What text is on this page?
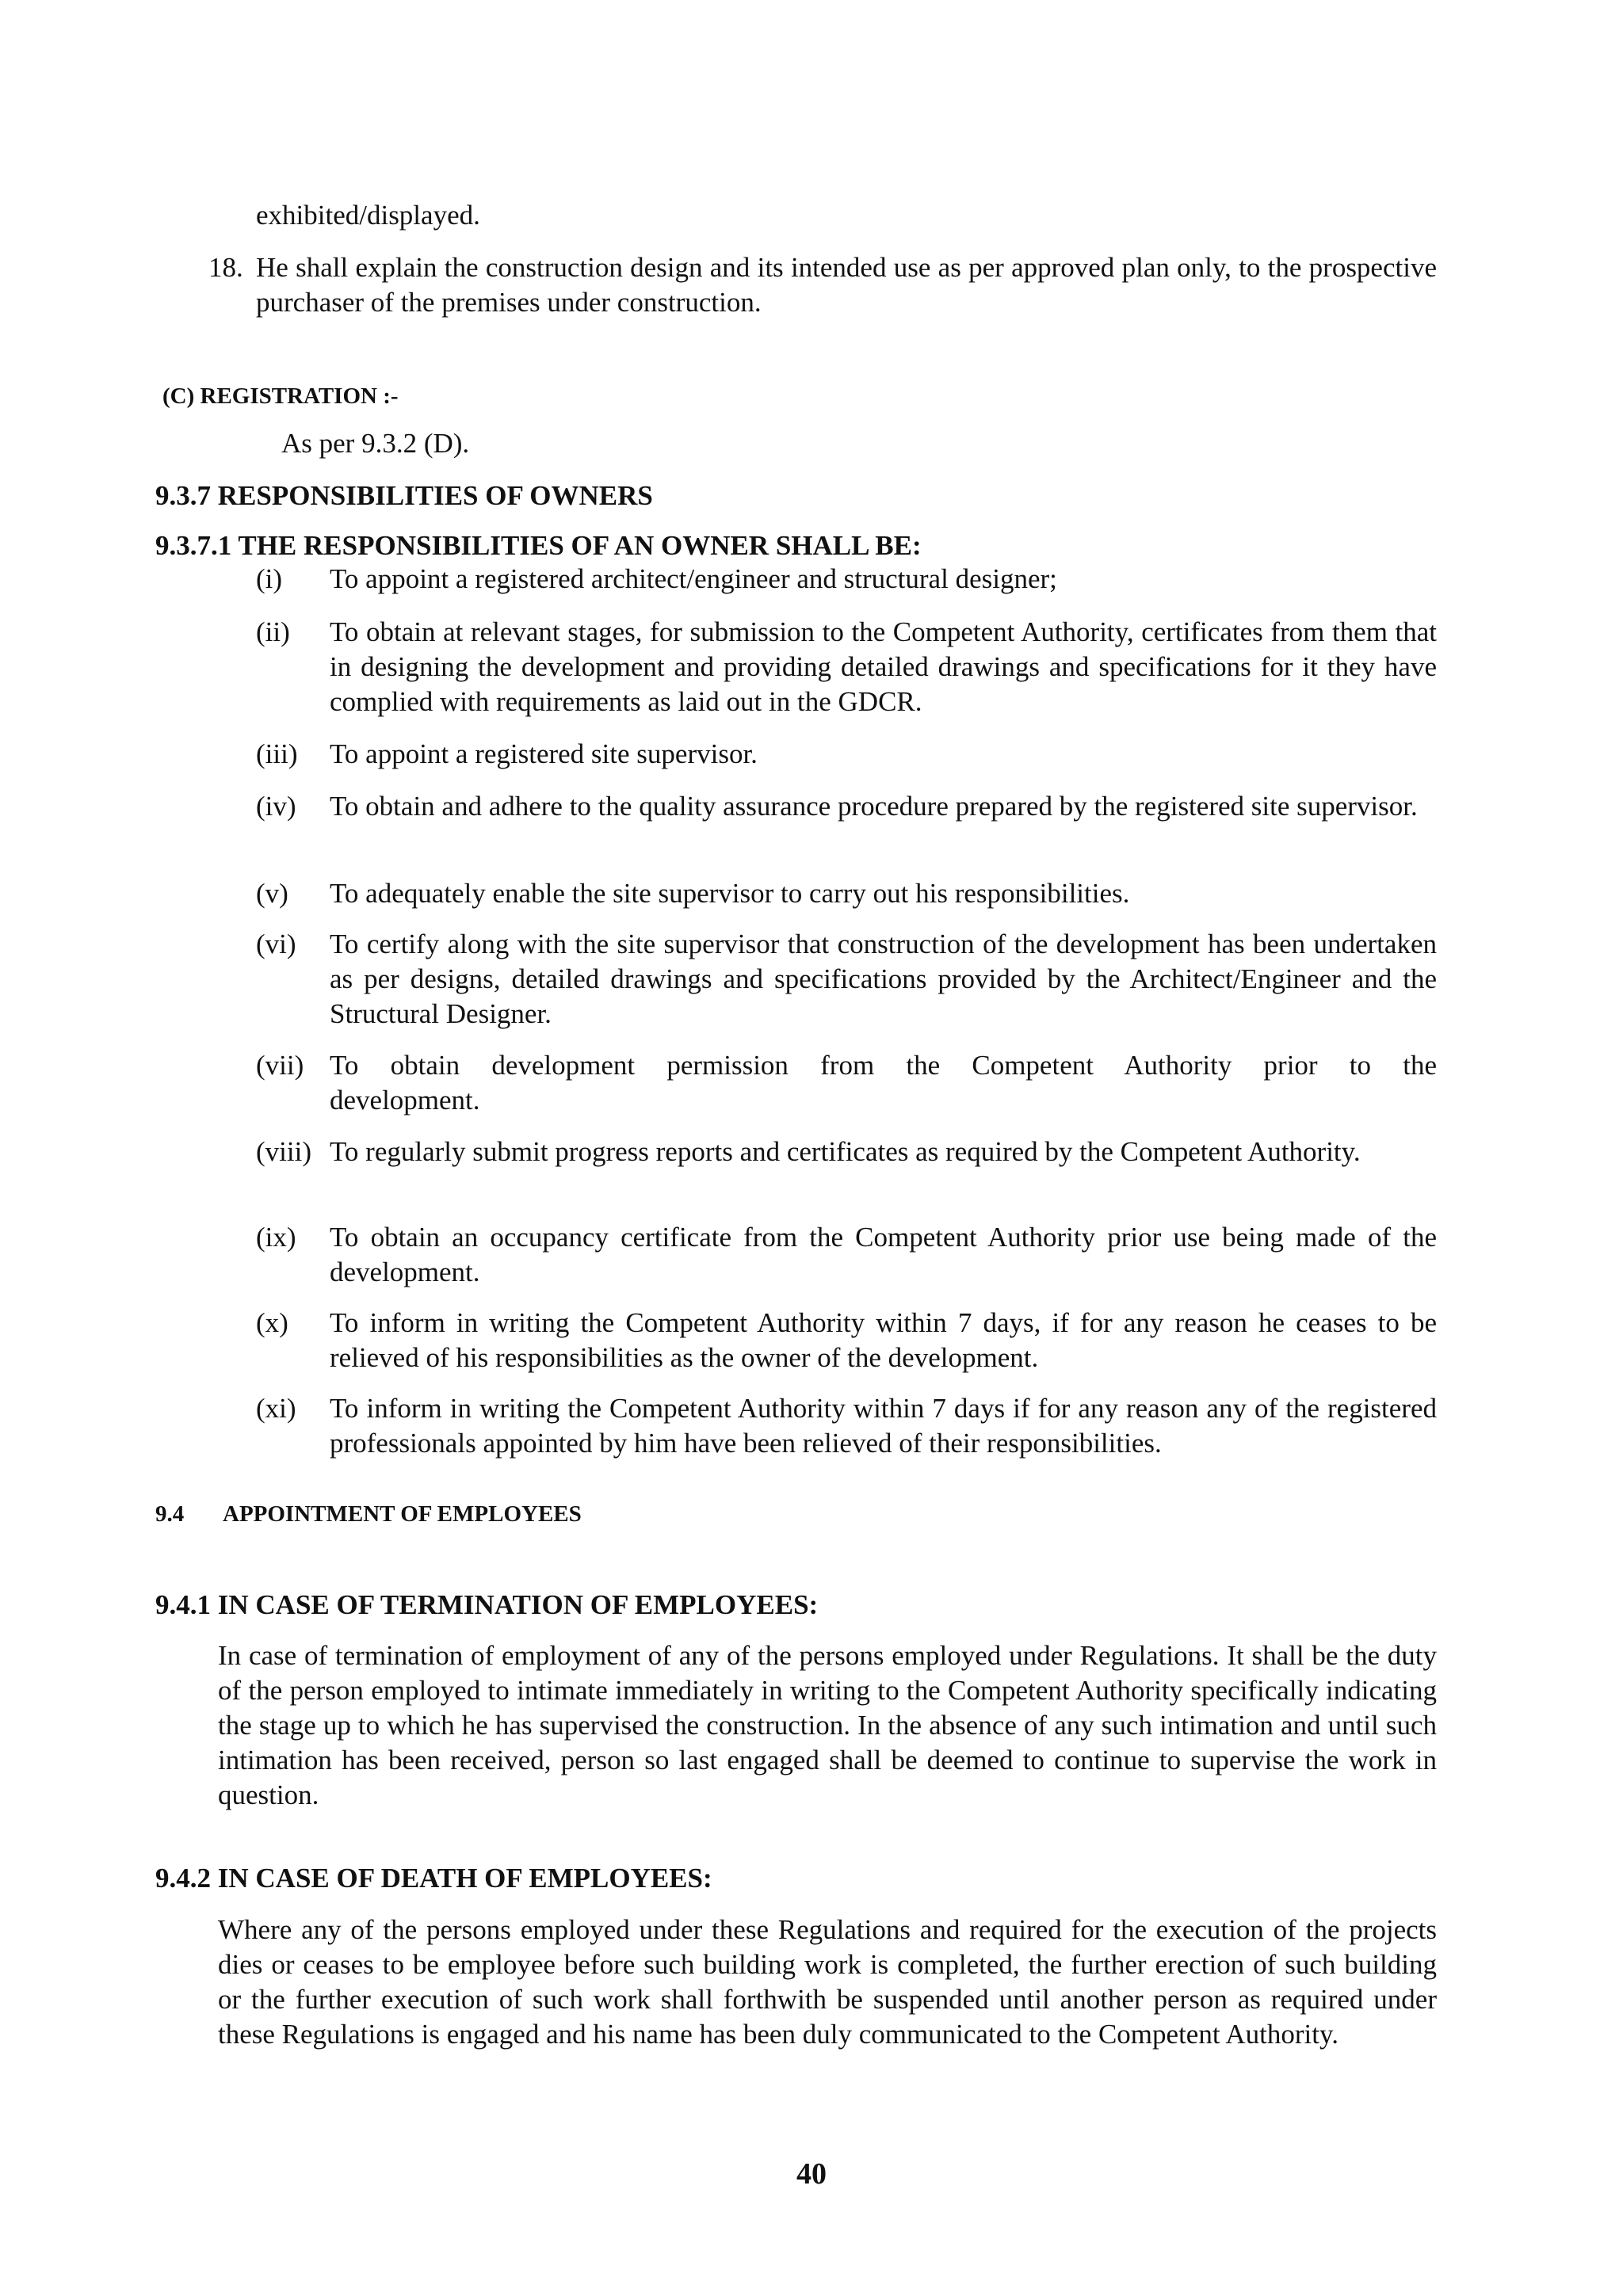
exhibited/displayed.

18. He shall explain the construction design and its intended use as per approved plan only, to the prospective purchaser of the premises under construction.

(C) REGISTRATION :-

As per 9.3.2 (D).

9.3.7 RESPONSIBILITIES OF OWNERS

9.3.7.1 THE RESPONSIBILITIES OF AN OWNER SHALL BE:

(i) To appoint a registered architect/engineer and structural designer;

(ii) To obtain at relevant stages, for submission to the Competent Authority, certificates from them that in designing the development and providing detailed drawings and specifications for it they have complied with requirements as laid out in the GDCR.

(iii) To appoint a registered site supervisor.

(iv) To obtain and adhere to the quality assurance procedure prepared by the registered site supervisor.

(v) To adequately enable the site supervisor to carry out his responsibilities.

(vi) To certify along with the site supervisor that construction of the development has been undertaken as per designs, detailed drawings and specifications provided by the Architect/Engineer and the Structural Designer.

(vii) To obtain development permission from the Competent Authority prior to the development.

(viii) To regularly submit progress reports and certificates as required by the Competent Authority.

(ix) To obtain an occupancy certificate from the Competent Authority prior use being made of the development.

(x) To inform in writing the Competent Authority within 7 days, if for any reason he ceases to be relieved of his responsibilities as the owner of the development.

(xi) To inform in writing the Competent Authority within 7 days if for any reason any of the registered professionals appointed by him have been relieved of their responsibilities.

9.4 APPOINTMENT OF EMPLOYEES

9.4.1 IN CASE OF TERMINATION OF EMPLOYEES:

In case of termination of employment of any of the persons employed under Regulations. It shall be the duty of the person employed to intimate immediately in writing to the Competent Authority specifically indicating the stage up to which he has supervised the construction. In the absence of any such intimation and until such intimation has been received, person so last engaged shall be deemed to continue to supervise the work in question.

9.4.2 IN CASE OF DEATH OF EMPLOYEES:

Where any of the persons employed under these Regulations and required for the execution of the projects dies or ceases to be employee before such building work is completed, the further erection of such building or the further execution of such work shall forthwith be suspended until another person as required under these Regulations is engaged and his name has been duly communicated to the Competent Authority.

40
